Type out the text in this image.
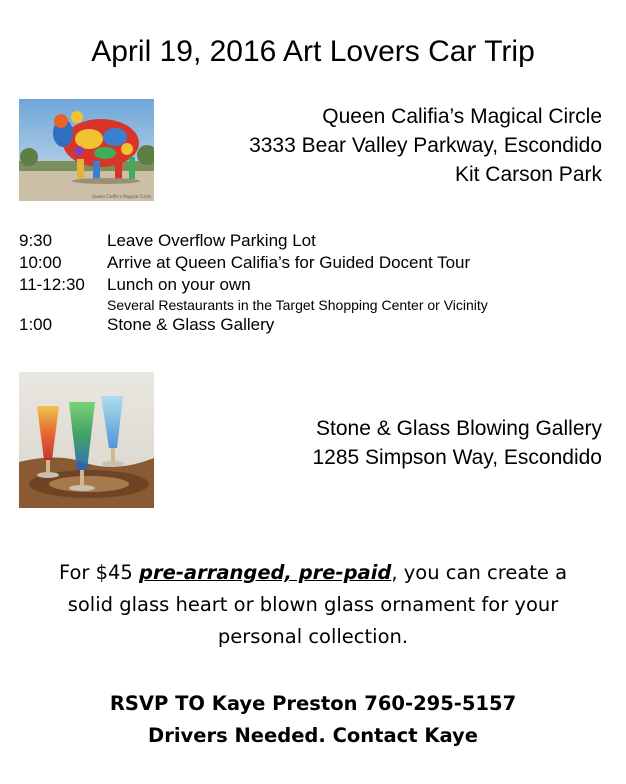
April 19, 2016 Art Lovers Car Trip
Queen Califia's Magical Circle
Queen Califia’s Magical Circle
3333 Bear Valley Parkway, Escondido
Kit Carson Park
9:30	Leave Overflow Parking Lot
10:00	Arrive at Queen Califia’s for Guided Docent Tour
11-12:30	Lunch on your own
Several Restaurants in the Target Shopping Center or Vicinity
1:00	Stone & Glass Gallery
Stone & Glass Blowing Gallery
1285 Simpson Way, Escondido
For $45 pre-arranged, pre-paid, you can create a
solid glass heart or blown glass ornament for your
personal collection.
RSVP TO Kaye Preston 760-295-5157
Drivers Needed. Contact Kaye
